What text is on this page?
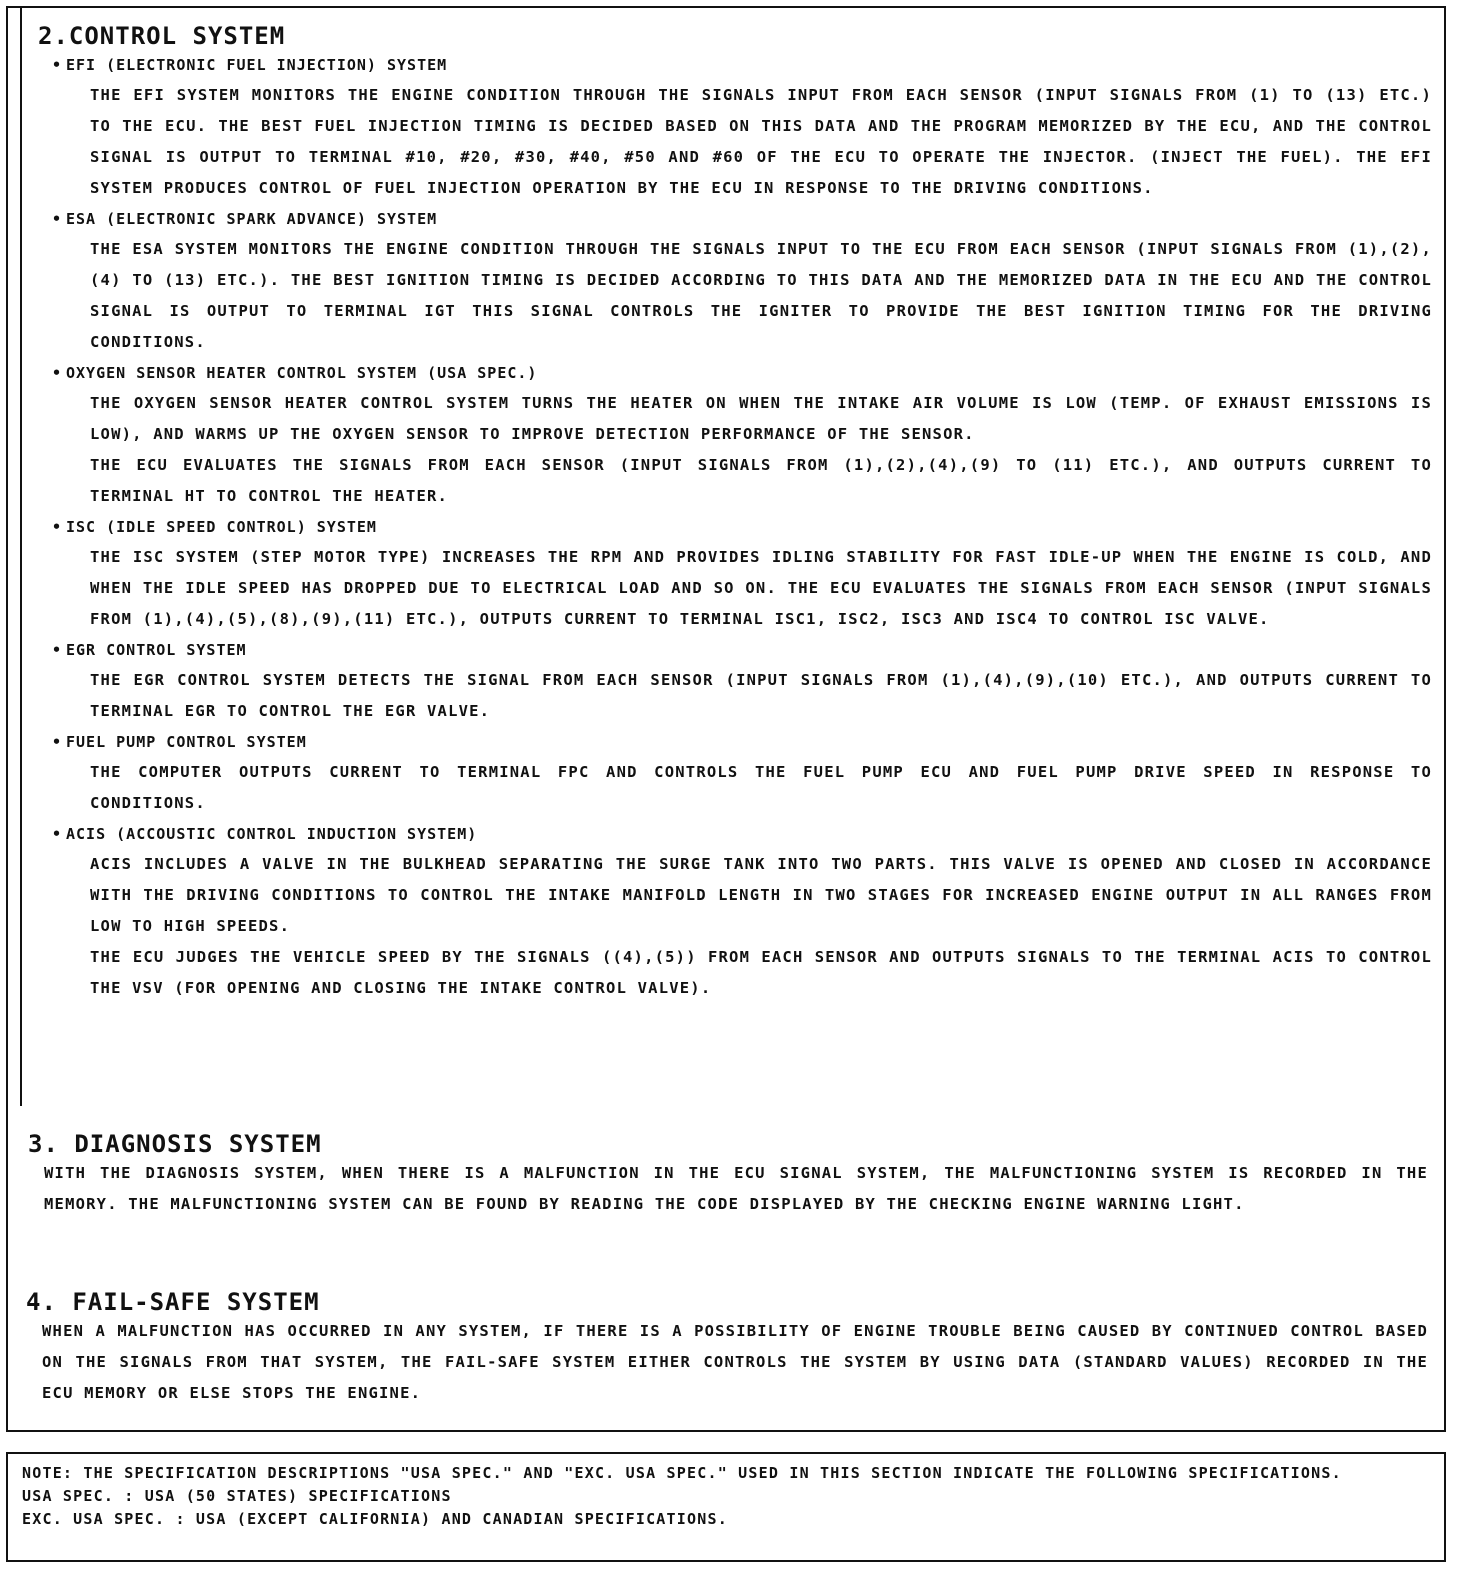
2.CONTROL SYSTEM

• EFI (ELECTRONIC FUEL INJECTION) SYSTEM

THE EFI SYSTEM MONITORS THE ENGINE CONDITION THROUGH THE SIGNALS INPUT FROM EACH SENSOR (INPUT SIGNALS FROM (1) TO (13) ETC.) TO THE ECU. THE BEST FUEL INJECTION TIMING IS DECIDED BASED ON THIS DATA AND THE PROGRAM MEMORIZED BY THE ECU, AND THE CONTROL SIGNAL IS OUTPUT TO TERMINAL #10, #20, #30, #40, #50 AND #60 OF THE ECU TO OPERATE THE INJECTOR. (INJECT THE FUEL). THE EFI SYSTEM PRODUCES CONTROL OF FUEL INJECTION OPERATION BY THE ECU IN RESPONSE TO THE DRIVING CONDITIONS.

• ESA (ELECTRONIC SPARK ADVANCE) SYSTEM

THE ESA SYSTEM MONITORS THE ENGINE CONDITION THROUGH THE SIGNALS INPUT TO THE ECU FROM EACH SENSOR (INPUT SIGNALS FROM (1),(2),(4) TO (13) ETC.). THE BEST IGNITION TIMING IS DECIDED ACCORDING TO THIS DATA AND THE MEMORIZED DATA IN THE ECU AND THE CONTROL SIGNAL IS OUTPUT TO TERMINAL IGT THIS SIGNAL CONTROLS THE IGNITER TO PROVIDE THE BEST IGNITION TIMING FOR THE DRIVING CONDITIONS.

• OXYGEN SENSOR HEATER CONTROL SYSTEM (USA SPEC.)

THE OXYGEN SENSOR HEATER CONTROL SYSTEM TURNS THE HEATER ON WHEN THE INTAKE AIR VOLUME IS LOW (TEMP. OF EXHAUST EMISSIONS IS LOW), AND WARMS UP THE OXYGEN SENSOR TO IMPROVE DETECTION PERFORMANCE OF THE SENSOR.

THE ECU EVALUATES THE SIGNALS FROM EACH SENSOR (INPUT SIGNALS FROM (1),(2),(4),(9) TO (11) ETC.), AND OUTPUTS CURRENT TO TERMINAL HT TO CONTROL THE HEATER.

• ISC (IDLE SPEED CONTROL) SYSTEM

THE ISC SYSTEM (STEP MOTOR TYPE) INCREASES THE RPM AND PROVIDES IDLING STABILITY FOR FAST IDLE-UP WHEN THE ENGINE IS COLD, AND WHEN THE IDLE SPEED HAS DROPPED DUE TO ELECTRICAL LOAD AND SO ON. THE ECU EVALUATES THE SIGNALS FROM EACH SENSOR (INPUT SIGNALS FROM (1),(4),(5),(8),(9),(11) ETC.), OUTPUTS CURRENT TO TERMINAL ISC1, ISC2, ISC3 AND ISC4 TO CONTROL ISC VALVE.

• EGR CONTROL SYSTEM

THE EGR CONTROL SYSTEM DETECTS THE SIGNAL FROM EACH SENSOR (INPUT SIGNALS FROM (1),(4),(9),(10) ETC.), AND OUTPUTS CURRENT TO TERMINAL EGR TO CONTROL THE EGR VALVE.

• FUEL PUMP CONTROL SYSTEM

THE COMPUTER OUTPUTS CURRENT TO TERMINAL FPC AND CONTROLS THE FUEL PUMP ECU AND FUEL PUMP DRIVE SPEED IN RESPONSE TO CONDITIONS.

• ACIS (ACCOUSTIC CONTROL INDUCTION SYSTEM)

ACIS INCLUDES A VALVE IN THE BULKHEAD SEPARATING THE SURGE TANK INTO TWO PARTS. THIS VALVE IS OPENED AND CLOSED IN ACCORDANCE WITH THE DRIVING CONDITIONS TO CONTROL THE INTAKE MANIFOLD LENGTH IN TWO STAGES FOR INCREASED ENGINE OUTPUT IN ALL RANGES FROM LOW TO HIGH SPEEDS.

THE ECU JUDGES THE VEHICLE SPEED BY THE SIGNALS ((4),(5)) FROM EACH SENSOR AND OUTPUTS SIGNALS TO THE TERMINAL ACIS TO CONTROL THE VSV (FOR OPENING AND CLOSING THE INTAKE CONTROL VALVE).

3. DIAGNOSIS SYSTEM

WITH THE DIAGNOSIS SYSTEM, WHEN THERE IS A MALFUNCTION IN THE ECU SIGNAL SYSTEM, THE MALFUNCTIONING SYSTEM IS RECORDED IN THE MEMORY. THE MALFUNCTIONING SYSTEM CAN BE FOUND BY READING THE CODE DISPLAYED BY THE CHECKING ENGINE WARNING LIGHT.

4. FAIL-SAFE SYSTEM

WHEN A MALFUNCTION HAS OCCURRED IN ANY SYSTEM, IF THERE IS A POSSIBILITY OF ENGINE TROUBLE BEING CAUSED BY CONTINUED CONTROL BASED ON THE SIGNALS FROM THAT SYSTEM, THE FAIL-SAFE SYSTEM EITHER CONTROLS THE SYSTEM BY USING DATA (STANDARD VALUES) RECORDED IN THE ECU MEMORY OR ELSE STOPS THE ENGINE.

NOTE: THE SPECIFICATION DESCRIPTIONS "USA SPEC." AND "EXC. USA SPEC." USED IN THIS SECTION INDICATE THE FOLLOWING SPECIFICATIONS.

USA SPEC. : USA (50 STATES) SPECIFICATIONS

EXC. USA SPEC. : USA (EXCEPT CALIFORNIA) AND CANADIAN SPECIFICATIONS.
